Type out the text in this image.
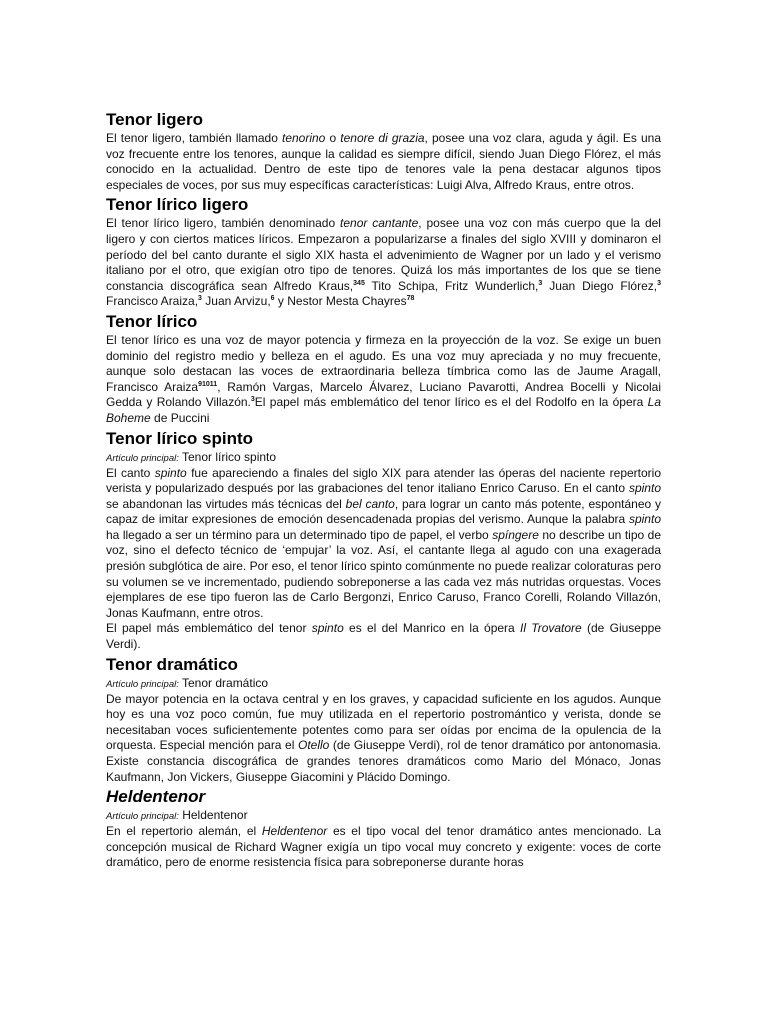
Tenor ligero

El tenor ligero, también llamado tenorino o tenore di grazia, posee una voz clara, aguda y ágil. Es una voz frecuente entre los tenores, aunque la calidad es siempre difícil, siendo Juan Diego Flórez, el más conocido en la actualidad. Dentro de este tipo de tenores vale la pena destacar algunos tipos especiales de voces, por sus muy específicas características: Luigi Alva, Alfredo Kraus, entre otros.

Tenor lírico ligero

El tenor lírico ligero, también denominado tenor cantante, posee una voz con más cuerpo que la del ligero y con ciertos matices líricos. Empezaron a popularizarse a finales del siglo XVIII y dominaron el período del bel canto durante el siglo XIX hasta el advenimiento de Wagner por un lado y el verismo italiano por el otro, que exigían otro tipo de tenores. Quizá los más importantes de los que se tiene constancia discográfica sean Alfredo Kraus,$^{345}$ Tito Schipa, Fritz Wunderlich,$^3$ Juan Diego Flórez,$^3$ Francisco Araiza,$^3$ Juan Arvizu,$^6$ y Nestor Mesta Chayres$^{78}$

Tenor lírico

El tenor lírico es una voz de mayor potencia y firmeza en la proyección de la voz. Se exige un buen dominio del registro medio y belleza en el agudo. Es una voz muy apreciada y no muy frecuente, aunque solo destacan las voces de extraordinaria belleza tímbrica como las de Jaume Aragall, Francisco Araiza$^{91011}$, Ramón Vargas, Marcelo Álvarez, Luciano Pavarotti, Andrea Bocelli y Nicolai Gedda y Rolando Villazón.$^3$El papel más emblemático del tenor lírico es el del Rodolfo en la ópera La Boheme de Puccini

Tenor lírico spinto
Artículo principal: Tenor lírico spinto

El canto spinto fue apareciendo a finales del siglo XIX para atender las óperas del naciente repertorio verista y popularizado después por las grabaciones del tenor italiano Enrico Caruso. En el canto spinto se abandonan las virtudes más técnicas del bel canto, para lograr un canto más potente, espontáneo y capaz de imitar expresiones de emoción desencadenada propias del verismo. Aunque la palabra spinto ha llegado a ser un término para un determinado tipo de papel, el verbo spíngere no describe un tipo de voz, sino el defecto técnico de ‘empujar’ la voz. Así, el cantante llega al agudo con una exagerada presión subglótica de aire. Por eso, el tenor lírico spinto comúnmente no puede realizar coloraturas pero su volumen se ve incrementado, pudiendo sobreponerse a las cada vez más nutridas orquestas. Voces ejemplares de ese tipo fueron las de Carlo Bergonzi, Enrico Caruso, Franco Corelli, Rolando Villazón, Jonas Kaufmann, entre otros.

El papel más emblemático del tenor spinto es el del Manrico en la ópera Il Trovatore (de Giuseppe Verdi).

Tenor dramático
Artículo principal: Tenor dramático

De mayor potencia en la octava central y en los graves, y capacidad suficiente en los agudos. Aunque hoy es una voz poco común, fue muy utilizada en el repertorio postromántico y verista, donde se necesitaban voces suficientemente potentes como para ser oídas por encima de la opulencia de la orquesta. Especial mención para el Otello (de Giuseppe Verdi), rol de tenor dramático por antonomasia. Existe constancia discográfica de grandes tenores dramáticos como Mario del Mónaco, Jonas Kaufmann, Jon Vickers, Giuseppe Giacomini y Plácido Domingo.

Heldentenor
Artículo principal: Heldentenor

En el repertorio alemán, el Heldentenor es el tipo vocal del tenor dramático antes mencionado. La concepción musical de Richard Wagner exigía un tipo vocal muy concreto y exigente: voces de corte dramático, pero de enorme resistencia física para sobreponerse durante horas
